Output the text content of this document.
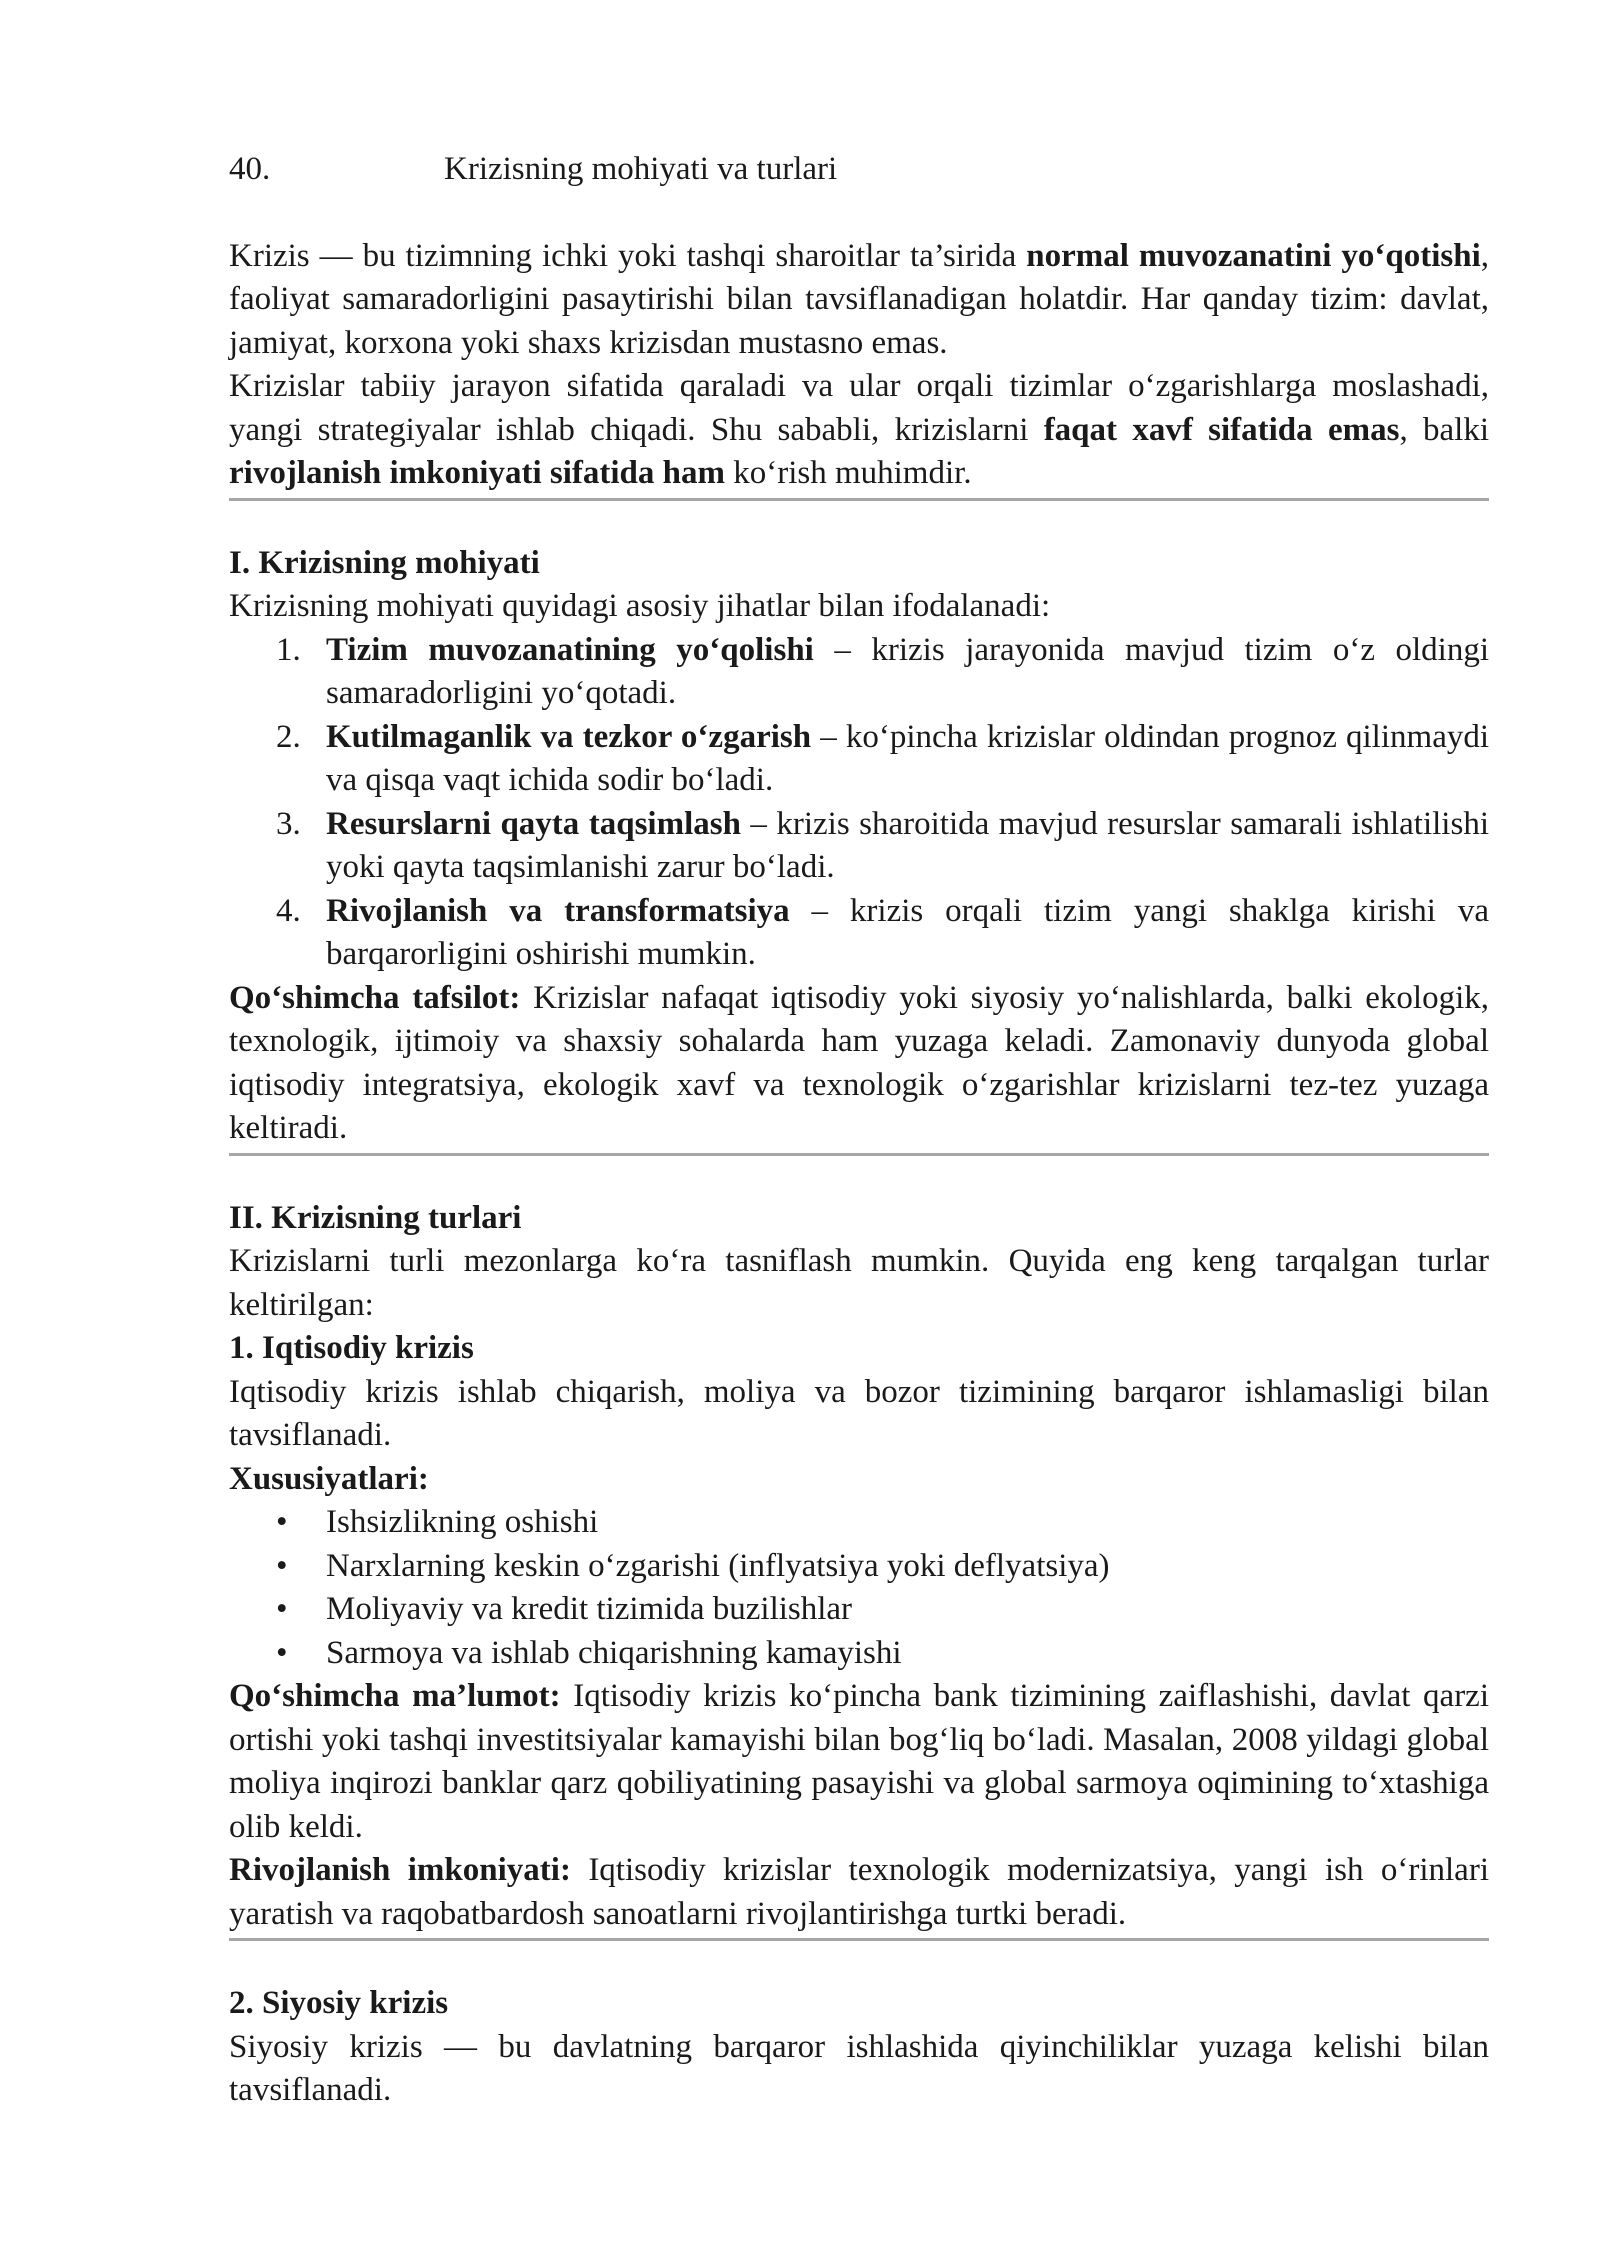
40.	Krizisning mohiyati va turlari

Krizis — bu tizimning ichki yoki tashqi sharoitlar ta’sirida normal muvozanatini yo‘qotishi, faoliyat samaradorligini pasaytirishi bilan tavsiflanadigan holatdir. Har qanday tizim: davlat, jamiyat, korxona yoki shaxs krizisdan mustasno emas.

Krizislar tabiiy jarayon sifatida qaraladi va ular orqali tizimlar o‘zgarishlarga moslashadi, yangi strategiyalar ishlab chiqadi. Shu sababli, krizislarni faqat xavf sifatida emas, balki rivojlanish imkoniyati sifatida ham ko‘rish muhimdir.

I. Krizisning mohiyati

Krizisning mohiyati quyidagi asosiy jihatlar bilan ifodalanadi:

1. Tizim muvozanatining yo‘qolishi – krizis jarayonida mavjud tizim o‘z oldingi samaradorligini yo‘qotadi.
2. Kutilmaganlik va tezkor o‘zgarish – ko‘pincha krizislar oldindan prognoz qilinmaydi va qisqa vaqt ichida sodir bo‘ladi.
3. Resurslarni qayta taqsimlash – krizis sharoitida mavjud resurslar samarali ishlatilishi yoki qayta taqsimlanishi zarur bo‘ladi.
4. Rivojlanish va transformatsiya – krizis orqali tizim yangi shaklga kirishi va barqarorligini oshirishi mumkin.

Qo‘shimcha tafsilot: Krizislar nafaqat iqtisodiy yoki siyosiy yo‘nalishlarda, balki ekologik, texnologik, ijtimoiy va shaxsiy sohalarda ham yuzaga keladi. Zamonaviy dunyoda global iqtisodiy integratsiya, ekologik xavf va texnologik o‘zgarishlar krizislarni tez-tez yuzaga keltiradi.

II. Krizisning turlari

Krizislarni turli mezonlarga ko‘ra tasniflash mumkin. Quyida eng keng tarqalgan turlar keltirilgan:

1. Iqtisodiy krizis

Iqtisodiy krizis ishlab chiqarish, moliya va bozor tizimining barqaror ishlamasligi bilan tavsiflanadi.

Xususiyatlari:

• Ishsizlikning oshishi
• Narxlarning keskin o‘zgarishi (inflyatsiya yoki deflyatsiya)
• Moliyaviy va kredit tizimida buzilishlar
• Sarmoya va ishlab chiqarishning kamayishi

Qo‘shimcha ma’lumot: Iqtisodiy krizis ko‘pincha bank tizimining zaiflashishi, davlat qarzi ortishi yoki tashqi investitsiyalar kamayishi bilan bog‘liq bo‘ladi. Masalan, 2008 yildagi global moliya inqirozi banklar qarz qobiliyatining pasayishi va global sarmoya oqimining to‘xtashiga olib keldi.

Rivojlanish imkoniyati: Iqtisodiy krizislar texnologik modernizatsiya, yangi ish o‘rinlari yaratish va raqobatbardosh sanoatlarni rivojlantirishga turtki beradi.

2. Siyosiy krizis

Siyosiy krizis — bu davlatning barqaror ishlashida qiyinchiliklar yuzaga kelishi bilan tavsiflanadi.
